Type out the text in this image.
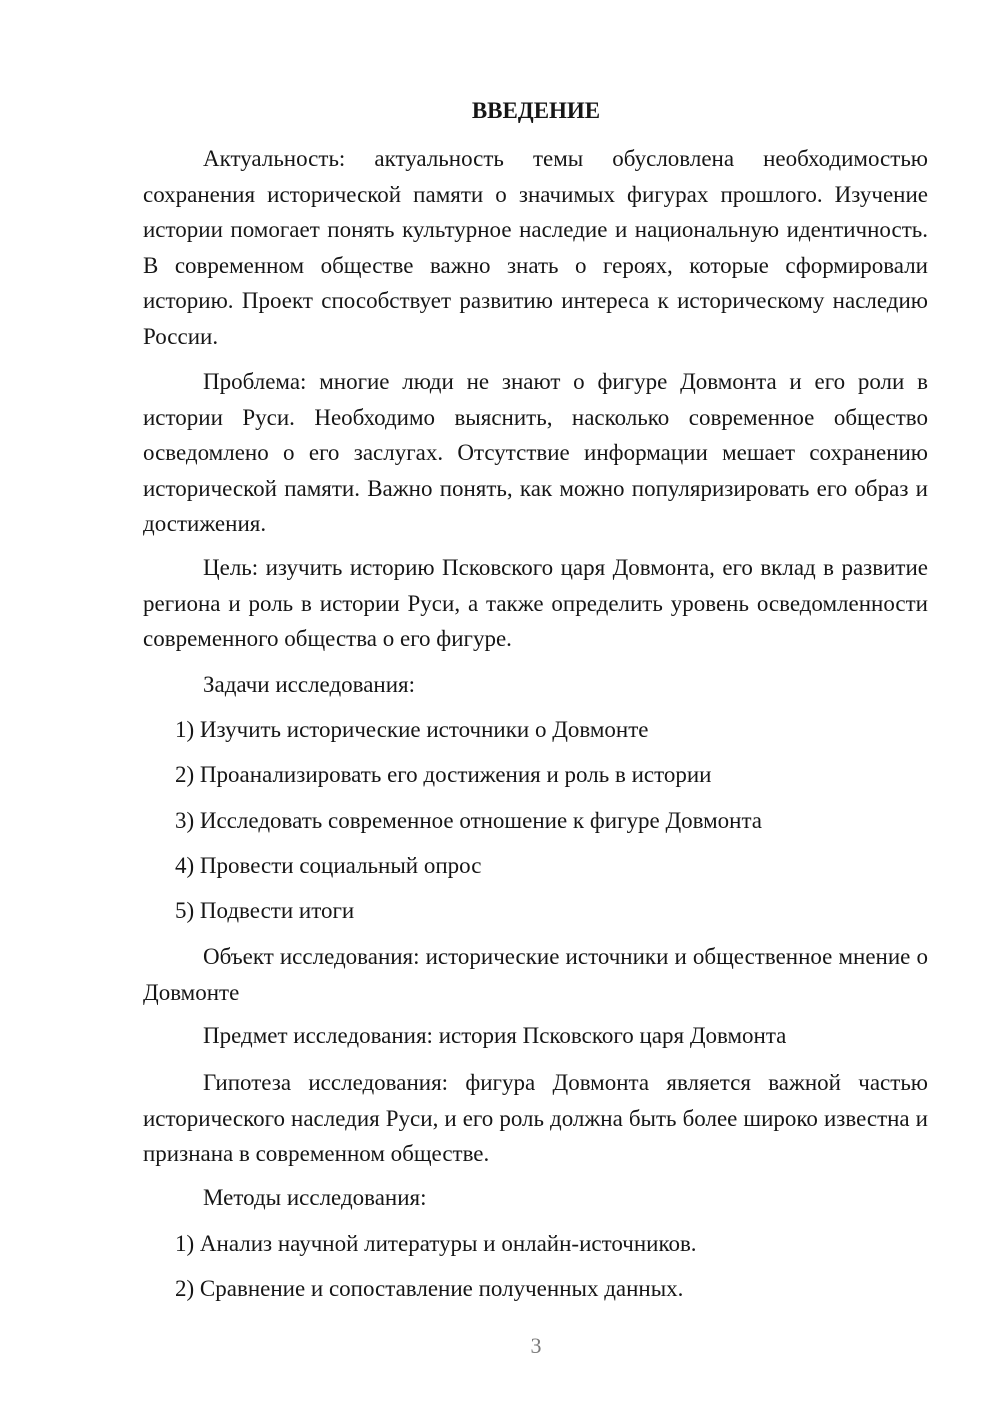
ВВЕДЕНИЕ

Актуальность: актуальность темы обусловлена необходимостью сохранения исторической памяти о значимых фигурах прошлого. Изучение истории помогает понять культурное наследие и национальную идентичность. В современном обществе важно знать о героях, которые сформировали историю. Проект способствует развитию интереса к историческому наследию России.

Проблема: многие люди не знают о фигуре Довмонта и его роли в истории Руси. Необходимо выяснить, насколько современное общество осведомлено о его заслугах. Отсутствие информации мешает сохранению исторической памяти. Важно понять, как можно популяризировать его образ и достижения.

Цель: изучить историю Псковского царя Довмонта, его вклад в развитие региона и роль в истории Руси, а также определить уровень осведомленности современного общества о его фигуре.

Задачи исследования:

1) Изучить исторические источники о Довмонте

2) Проанализировать его достижения и роль в истории

3) Исследовать современное отношение к фигуре Довмонта

4) Провести социальный опрос

5) Подвести итоги

Объект исследования: исторические источники и общественное мнение о Довмонте

Предмет исследования: история Псковского царя Довмонта

Гипотеза исследования: фигура Довмонта является важной частью исторического наследия Руси, и его роль должна быть более широко известна и признана в современном обществе.

Методы исследования:

1) Анализ научной литературы и онлайн-источников.

2) Сравнение и сопоставление полученных данных.

3
